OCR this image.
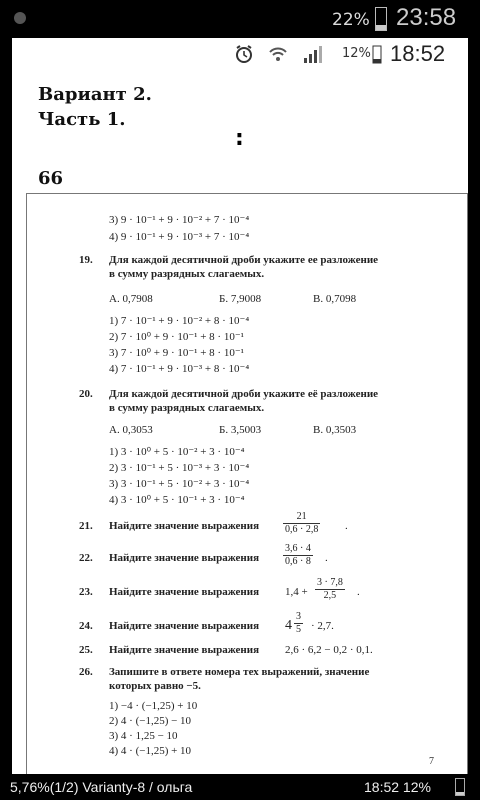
22% 23:58
12% 18:52
Вариант 2.
Часть 1.
:
66
3) 9 · 10⁻¹ + 9 · 10⁻² + 7 · 10⁻⁴
4) 9 · 10⁻¹ + 9 · 10⁻³ + 7 · 10⁻⁴
19. Для каждой десятичной дроби укажите ее разложение
в сумму разрядных слагаемых.
А. 0,7908	Б. 7,9008	В. 0,7098
1) 7 · 10⁻¹ + 9 · 10⁻² + 8 · 10⁻⁴
2) 7 · 10⁰ + 9 · 10⁻¹ + 8 · 10⁻¹
3) 7 · 10⁰ + 9 · 10⁻¹ + 8 · 10⁻¹
4) 7 · 10⁻¹ + 9 · 10⁻³ + 8 · 10⁻⁴
20. Для каждой десятичной дроби укажите её разложение
в сумму разрядных слагаемых.
А. 0,3053	Б. 3,5003	В. 0,3503
1) 3 · 10⁰ + 5 · 10⁻² + 3 · 10⁻⁴
2) 3 · 10⁻¹ + 5 · 10⁻³ + 3 · 10⁻⁴
3) 3 · 10⁻¹ + 5 · 10⁻² + 3 · 10⁻⁴
4) 3 · 10⁰ + 5 · 10⁻¹ + 3 · 10⁻⁴
21. Найдите значение выражения $\frac{21}{0,6 \cdot 2,8}$ .
22. Найдите значение выражения $\frac{3,6 \cdot 4}{0,6 \cdot 8}$ .
23. Найдите значение выражения $1,4 + \frac{3 \cdot 7,8}{2,5}$ .
24. Найдите значение выражения $4 \frac{3}{5} \cdot 2,7$.
25. Найдите значение выражения 2,6 · 6,2 − 0,2 · 0,1.
26. Запишите в ответе номера тех выражений, значение
которых равно −5.
1) −4 · (−1,25) + 10
2) 4 · (−1,25) − 10
3) 4 · 1,25 − 10
4) 4 · (−1,25) + 10
7
5,76%(1/2) Varianty-8 / ольга	18:52 12%
